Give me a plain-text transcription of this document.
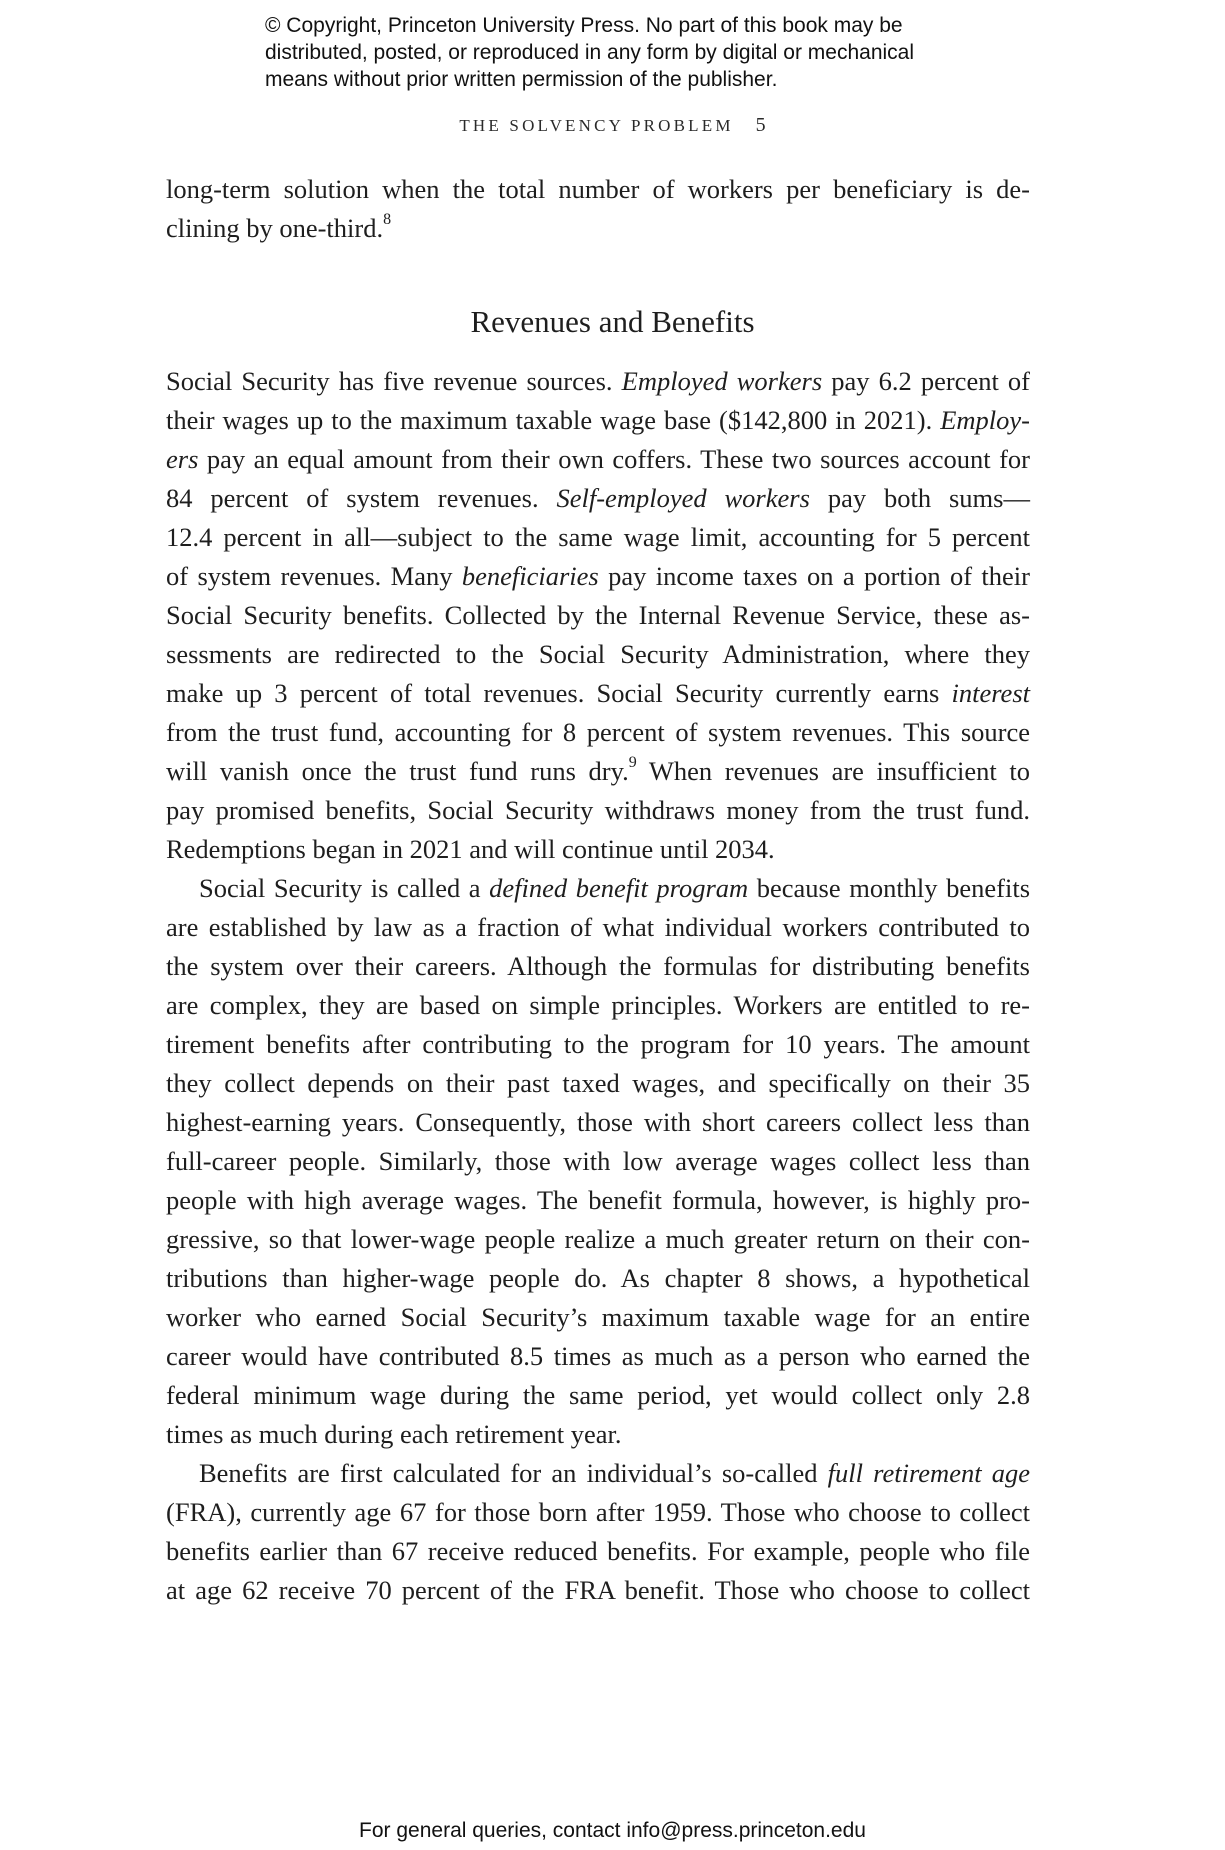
© Copyright, Princeton University Press. No part of this book may be
distributed, posted, or reproduced in any form by digital or mechanical
means without prior written permission of the publisher.
THE SOLVENCY PROBLEM 5
long-term solution when the total number of workers per beneficiary is de-
clining by one-third.$^8$
Revenues and Benefits
Social Security has five revenue sources. Employed workers pay 6.2 percent of
their wages up to the maximum taxable wage base ($142,800 in 2021). Employ-
ers pay an equal amount from their own coffers. These two sources account for
84 percent of system revenues. Self-employed workers pay both sums—
12.4 percent in all—subject to the same wage limit, accounting for 5 percent
of system revenues. Many beneficiaries pay income taxes on a portion of their
Social Security benefits. Collected by the Internal Revenue Service, these as-
sessments are redirected to the Social Security Administration, where they
make up 3 percent of total revenues. Social Security currently earns interest
from the trust fund, accounting for 8 percent of system revenues. This source
will vanish once the trust fund runs dry.$^9$ When revenues are insufficient to
pay promised benefits, Social Security withdraws money from the trust fund.
Redemptions began in 2021 and will continue until 2034.
Social Security is called a defined benefit program because monthly benefits
are established by law as a fraction of what individual workers contributed to
the system over their careers. Although the formulas for distributing benefits
are complex, they are based on simple principles. Workers are entitled to re-
tirement benefits after contributing to the program for 10 years. The amount
they collect depends on their past taxed wages, and specifically on their 35
highest-earning years. Consequently, those with short careers collect less than
full-career people. Similarly, those with low average wages collect less than
people with high average wages. The benefit formula, however, is highly pro-
gressive, so that lower-wage people realize a much greater return on their con-
tributions than higher-wage people do. As chapter 8 shows, a hypothetical
worker who earned Social Security’s maximum taxable wage for an entire
career would have contributed 8.5 times as much as a person who earned the
federal minimum wage during the same period, yet would collect only 2.8
times as much during each retirement year.
Benefits are first calculated for an individual’s so-called full retirement age
(FRA), currently age 67 for those born after 1959. Those who choose to collect
benefits earlier than 67 receive reduced benefits. For example, people who file
at age 62 receive 70 percent of the FRA benefit. Those who choose to collect
For general queries, contact info@press.princeton.edu
